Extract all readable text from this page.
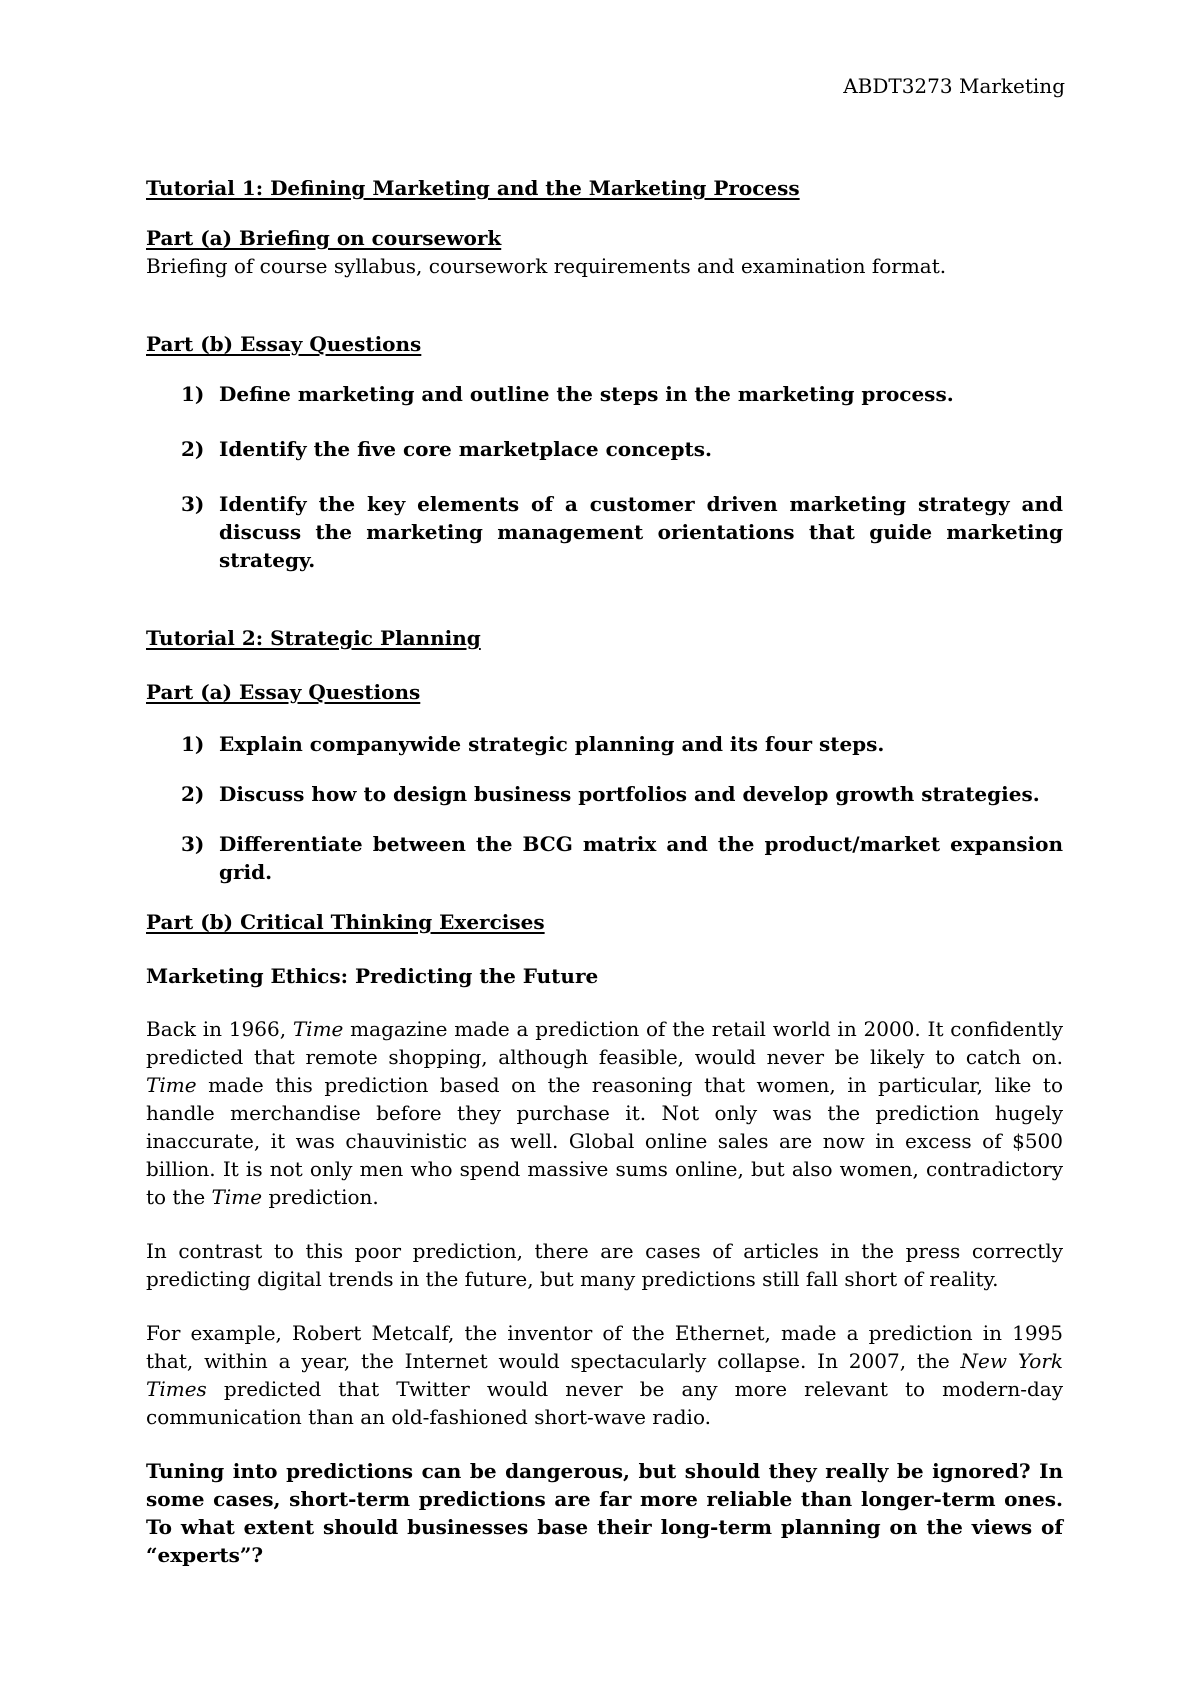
ABDT3273 Marketing

Tutorial 1: Defining Marketing and the Marketing Process

Part (a) Briefing on coursework

Briefing of course syllabus, coursework requirements and examination format.

Part (b) Essay Questions

1) Define marketing and outline the steps in the marketing process.
2) Identify the five core marketplace concepts.
3) Identify the key elements of a customer driven marketing strategy and discuss the marketing management orientations that guide marketing strategy.

Tutorial 2: Strategic Planning

Part (a) Essay Questions

1) Explain companywide strategic planning and its four steps.
2) Discuss how to design business portfolios and develop growth strategies.
3) Differentiate between the BCG matrix and the product/market expansion grid.

Part (b) Critical Thinking Exercises

Marketing Ethics: Predicting the Future

Back in 1966, Time magazine made a prediction of the retail world in 2000. It confidently predicted that remote shopping, although feasible, would never be likely to catch on. Time made this prediction based on the reasoning that women, in particular, like to handle merchandise before they purchase it. Not only was the prediction hugely inaccurate, it was chauvinistic as well. Global online sales are now in excess of $500 billion. It is not only men who spend massive sums online, but also women, contradictory to the Time prediction.

In contrast to this poor prediction, there are cases of articles in the press correctly predicting digital trends in the future, but many predictions still fall short of reality.

For example, Robert Metcalf, the inventor of the Ethernet, made a prediction in 1995 that, within a year, the Internet would spectacularly collapse. In 2007, the New York Times predicted that Twitter would never be any more relevant to modern-day communication than an old-fashioned short-wave radio.

Tuning into predictions can be dangerous, but should they really be ignored? In some cases, short-term predictions are far more reliable than longer-term ones. To what extent should businesses base their long-term planning on the views of “experts”?
